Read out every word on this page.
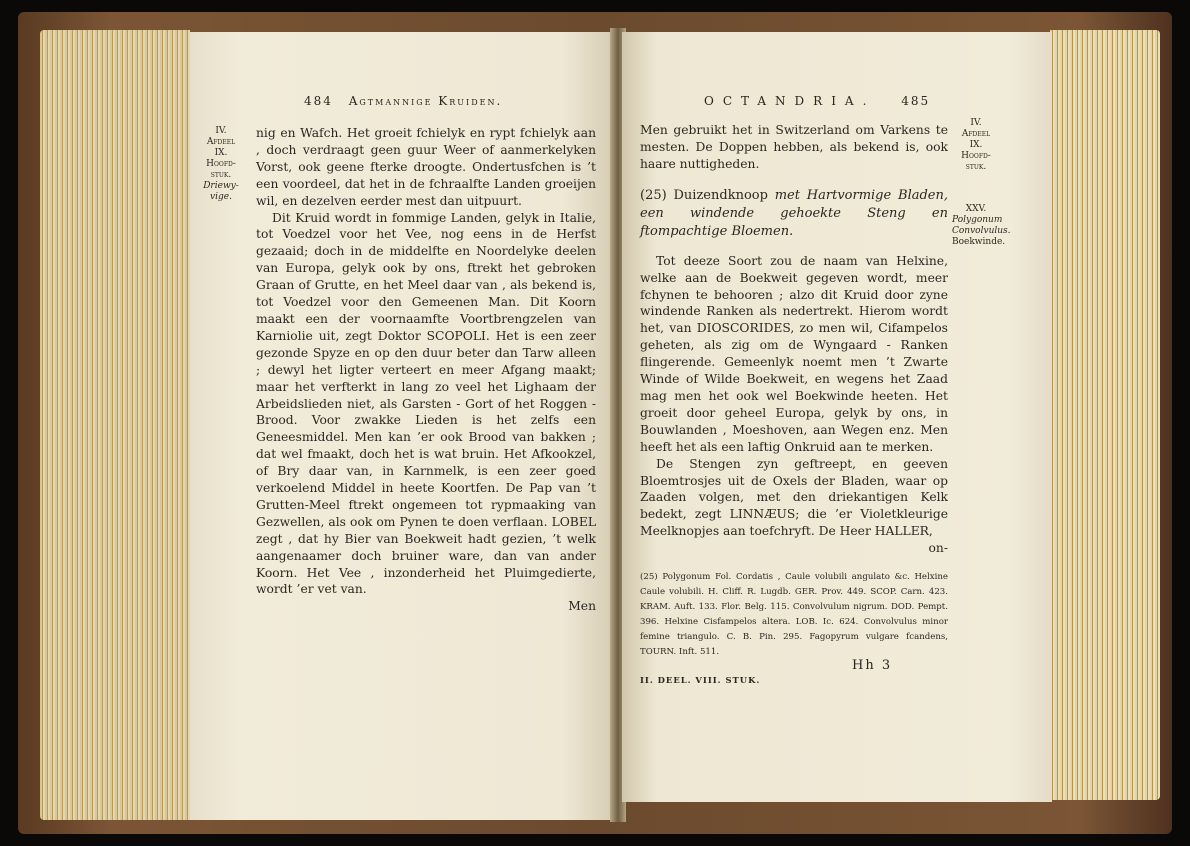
484 Agtmannige Kruiden.
IV.
Afdeel
IX.
Hoofd-
stuk.
Driewy-
vige.

nig en Wafch. Het groeit fchielyk en rypt fchielyk aan , doch verdraagt geen guur Weer of aanmerkelyken Vorst, ook geene fterke droogte. Ondertusfchen is ’t een voordeel, dat het in de fchraalfte Landen groeijen wil, en dezelven eerder mest dan uitpuurt.

Dit Kruid wordt in fommige Landen, gelyk in Italie, tot Voedzel voor het Vee, nog eens in de Herfst gezaaid; doch in de middelfte en Noordelyke deelen van Europa, gelyk ook by ons, ftrekt het gebroken Graan of Grutte, en het Meel daar van , als bekend is, tot Voedzel voor den Gemeenen Man. Dit Koorn maakt een der voornaamfte Voortbrengzelen van Karniolie uit, zegt Doktor SCOPOLI. Het is een zeer gezonde Spyze en op den duur beter dan Tarw alleen ; dewyl het ligter verteert en meer Afgang maakt; maar het verfterkt in lang zo veel het Lighaam der Arbeidslieden niet, als Garsten - Gort of het Roggen - Brood. Voor zwakke Lieden is het zelfs een Geneesmiddel. Men kan ’er ook Brood van bakken ; dat wel fmaakt, doch het is wat bruin. Het Afkookzel, of Bry daar van, in Karnmelk, is een zeer goed verkoelend Middel in heete Koortfen. De Pap van ’t Grutten-Meel ftrekt ongemeen tot rypmaaking van Gezwellen, als ook om Pynen te doen verflaan. LOBEL zegt , dat hy Bier van Boekweit hadt gezien, ’t welk aangenaamer doch bruiner ware, dan van ander Koorn. Het Vee , inzonderheid het Pluimgedierte, wordt ’er vet van.

Men

OCTANDRIA. 485
IV.
Afdeel
IX.
Hoofd-
stuk.
XXV.
Polygonum
Convolvulus.
Boekwinde.

Men gebruikt het in Switzerland om Varkens te mesten. De Doppen hebben, als bekend is, ook haare nuttigheden.

(25) Duizendknoop met Hartvormige Bladen, een windende gehoekte Steng en ftompachtige Bloemen.

Tot deeze Soort zou de naam van Helxine, welke aan de Boekweit gegeven wordt, meer fchynen te behooren ; alzo dit Kruid door zyne windende Ranken als nedertrekt. Hierom wordt het, van DIOSCORIDES, zo men wil, Cifampelos geheten, als zig om de Wyngaard - Ranken flingerende. Gemeenlyk noemt men ’t Zwarte Winde of Wilde Boekweit, en wegens het Zaad mag men het ook wel Boekwinde heeten. Het groeit door geheel Europa, gelyk by ons, in Bouwlanden , Moeshoven, aan Wegen enz. Men heeft het als een laftig Onkruid aan te merken.

De Stengen zyn geftreept, en geeven Bloemtrosjes uit de Oxels der Bladen, waar op Zaaden volgen, met den driekantigen Kelk bedekt, zegt LINNÆUS; die ’er Violetkleurige Meelknopjes aan toefchryft. De Heer HALLER,

on-

(25) Polygonum Fol. Cordatis , Caule volubili angulato &c. Helxine Caule volubili. H. Cliff. R. Lugdb. GER. Prov. 449. SCOP. Carn. 423. KRAM. Auft. 133. Flor. Belg. 115. Convolvulum nigrum. DOD. Pempt. 396. Helxine Cisfampelos altera. LOB. Ic. 624. Convolvulus minor femine triangulo. C. B. Pin. 295. Fagopyrum vulgare fcandens, TOURN. Inft. 511.
Hh 3
II. DEEL. VIII. STUK.
